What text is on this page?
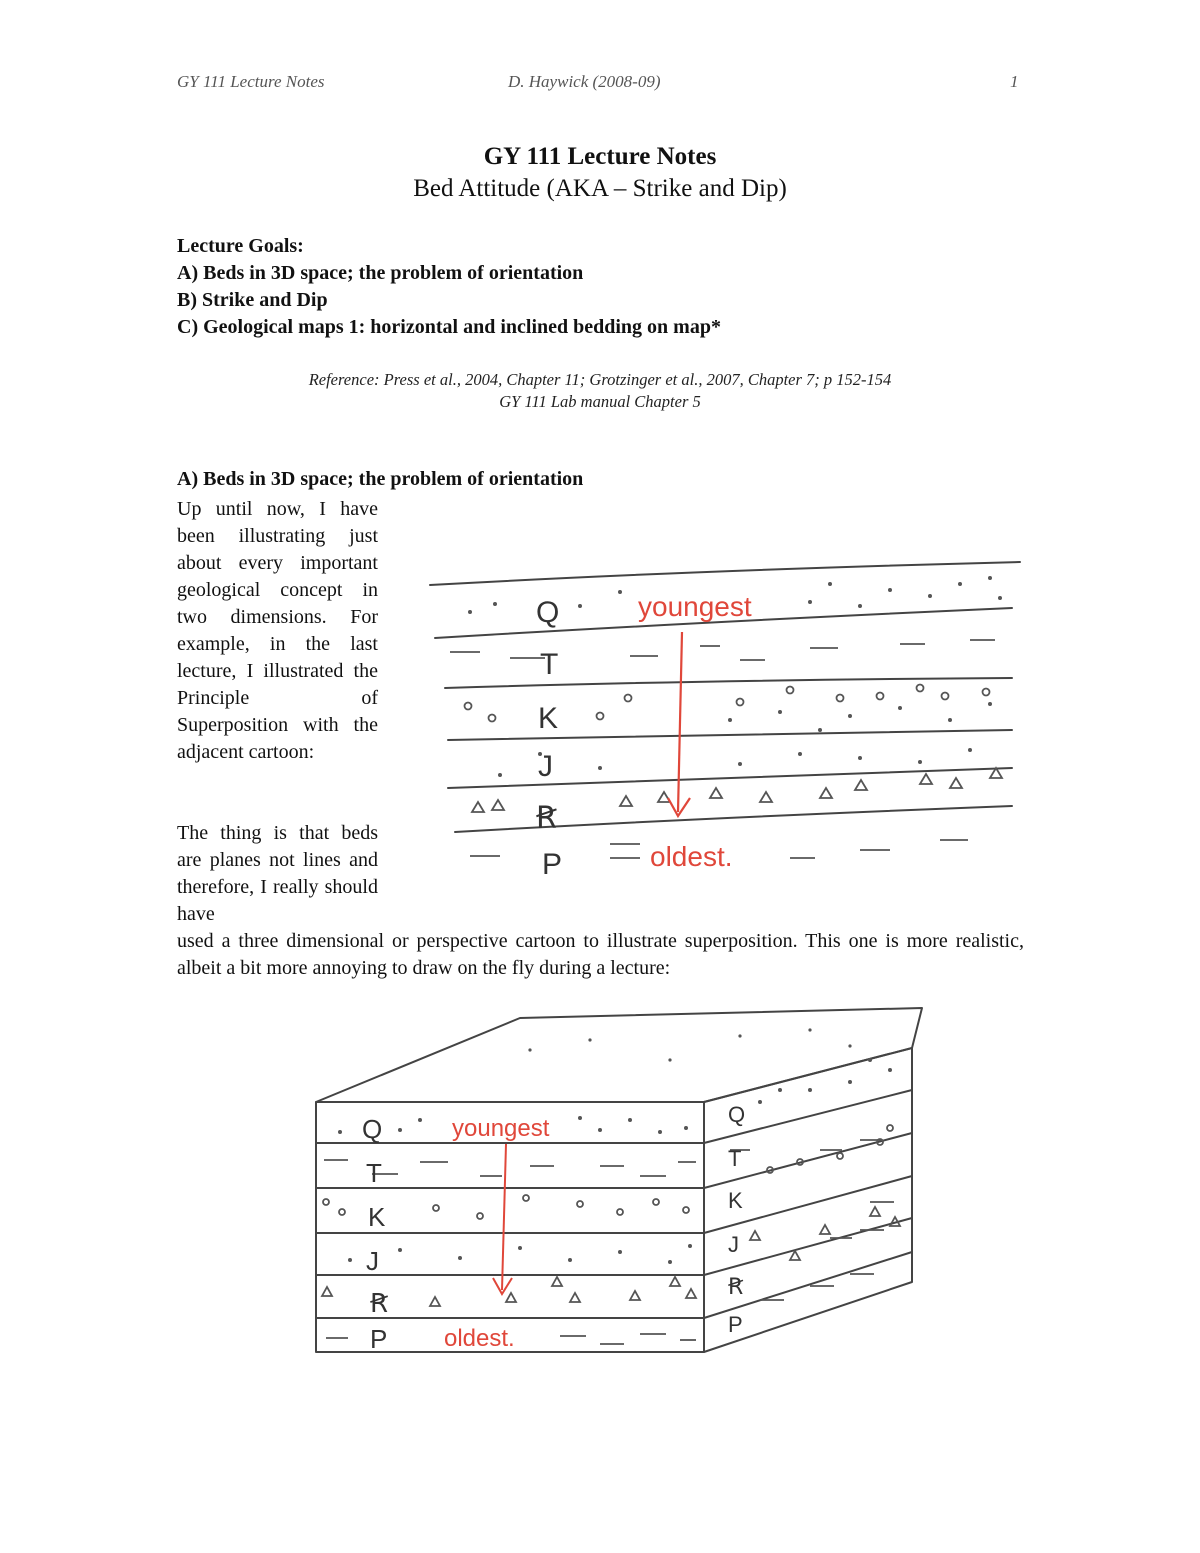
GY 111 Lecture Notes	D. Haywick (2008-09)	1
GY 111 Lecture Notes
Bed Attitude (AKA – Strike and Dip)
Lecture Goals:
A) Beds in 3D space; the problem of orientation
B) Strike and Dip
C) Geological maps 1: horizontal and inclined bedding on map*
Reference: Press et al., 2004, Chapter 11; Grotzinger et al., 2007, Chapter 7; p 152-154
GY 111 Lab manual Chapter 5
A) Beds in 3D space; the problem of orientation
Up until now, I have been illustrating just about every important geological concept in two dimensions. For example, in the last lecture, I illustrated the Principle of Superposition with the adjacent cartoon:
The thing is that beds are planes not lines and therefore, I really should have
used a three dimensional or perspective cartoon to illustrate superposition. This one is more realistic, albeit a bit more annoying to draw on the fly during a lecture:
Q
T
K
J
Ꞧ
P
youngest
oldest.
Q
T
K
J
Ꞧ
P
Q
T
K
J
Ꞧ
P
youngest
oldest.
